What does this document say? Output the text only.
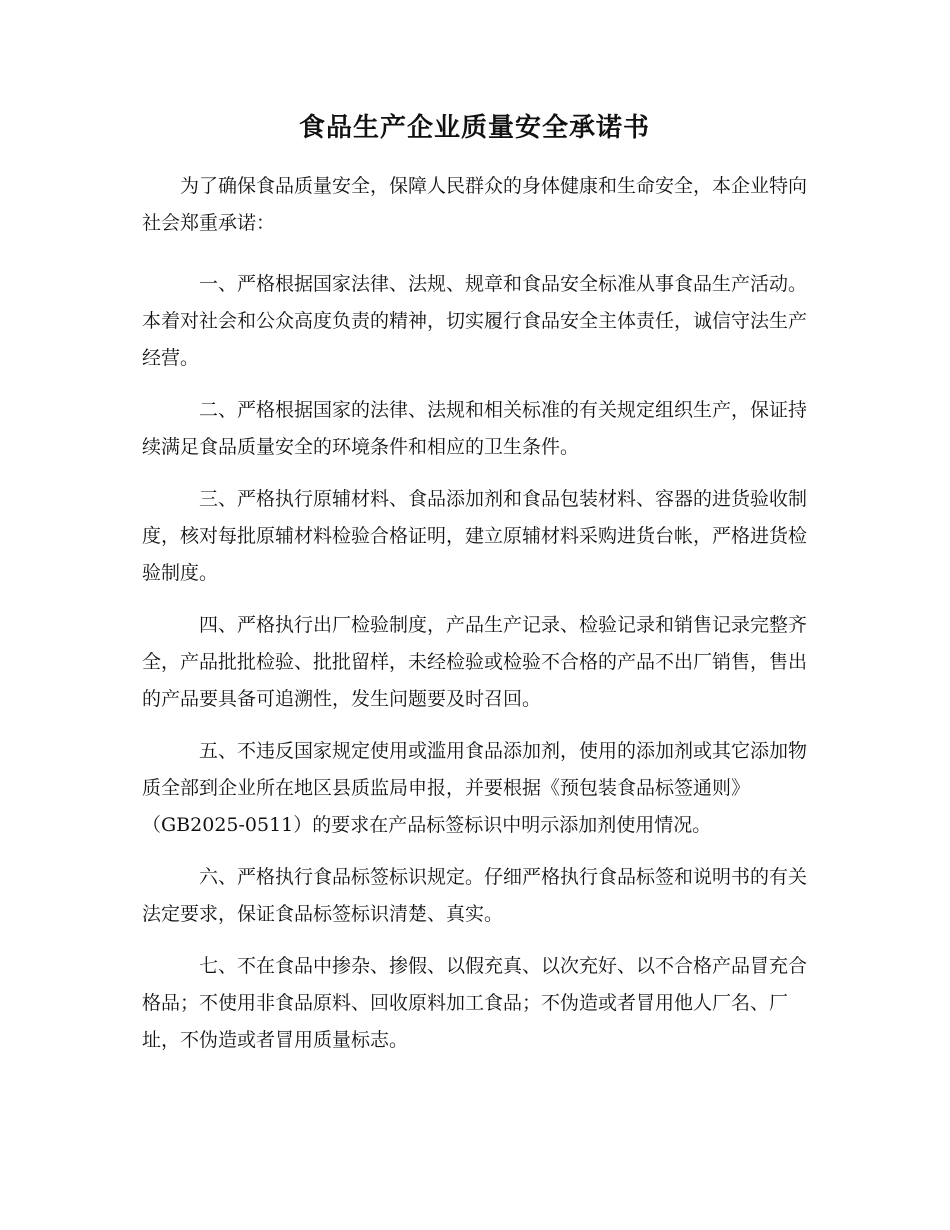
食品生产企业质量安全承诺书

为了确保食品质量安全，保障人民群众的身体健康和生命安全，本企业特向社会郑重承诺：

一、严格根据国家法律、法规、规章和食品安全标准从事食品生产活动。本着对社会和公众高度负责的精神，切实履行食品安全主体责任，诚信守法生产经营。

二、严格根据国家的法律、法规和相关标准的有关规定组织生产，保证持续满足食品质量安全的环境条件和相应的卫生条件。

三、严格执行原辅材料、食品添加剂和食品包装材料、容器的进货验收制度，核对每批原辅材料检验合格证明，建立原辅材料采购进货台帐，严格进货检验制度。

四、严格执行出厂检验制度，产品生产记录、检验记录和销售记录完整齐全，产品批批检验、批批留样，未经检验或检验不合格的产品不出厂销售，售出的产品要具备可追溯性，发生问题要及时召回。

五、不违反国家规定使用或滥用食品添加剂，使用的添加剂或其它添加物质全部到企业所在地区县质监局申报，并要根据《预包装食品标签通则》（GB2025-0511）的要求在产品标签标识中明示添加剂使用情况。

六、严格执行食品标签标识规定。仔细严格执行食品标签和说明书的有关法定要求，保证食品标签标识清楚、真实。

七、不在食品中掺杂、掺假、以假充真、以次充好、以不合格产品冒充合格品；不使用非食品原料、回收原料加工食品；不伪造或者冒用他人厂名、厂址，不伪造或者冒用质量标志。
